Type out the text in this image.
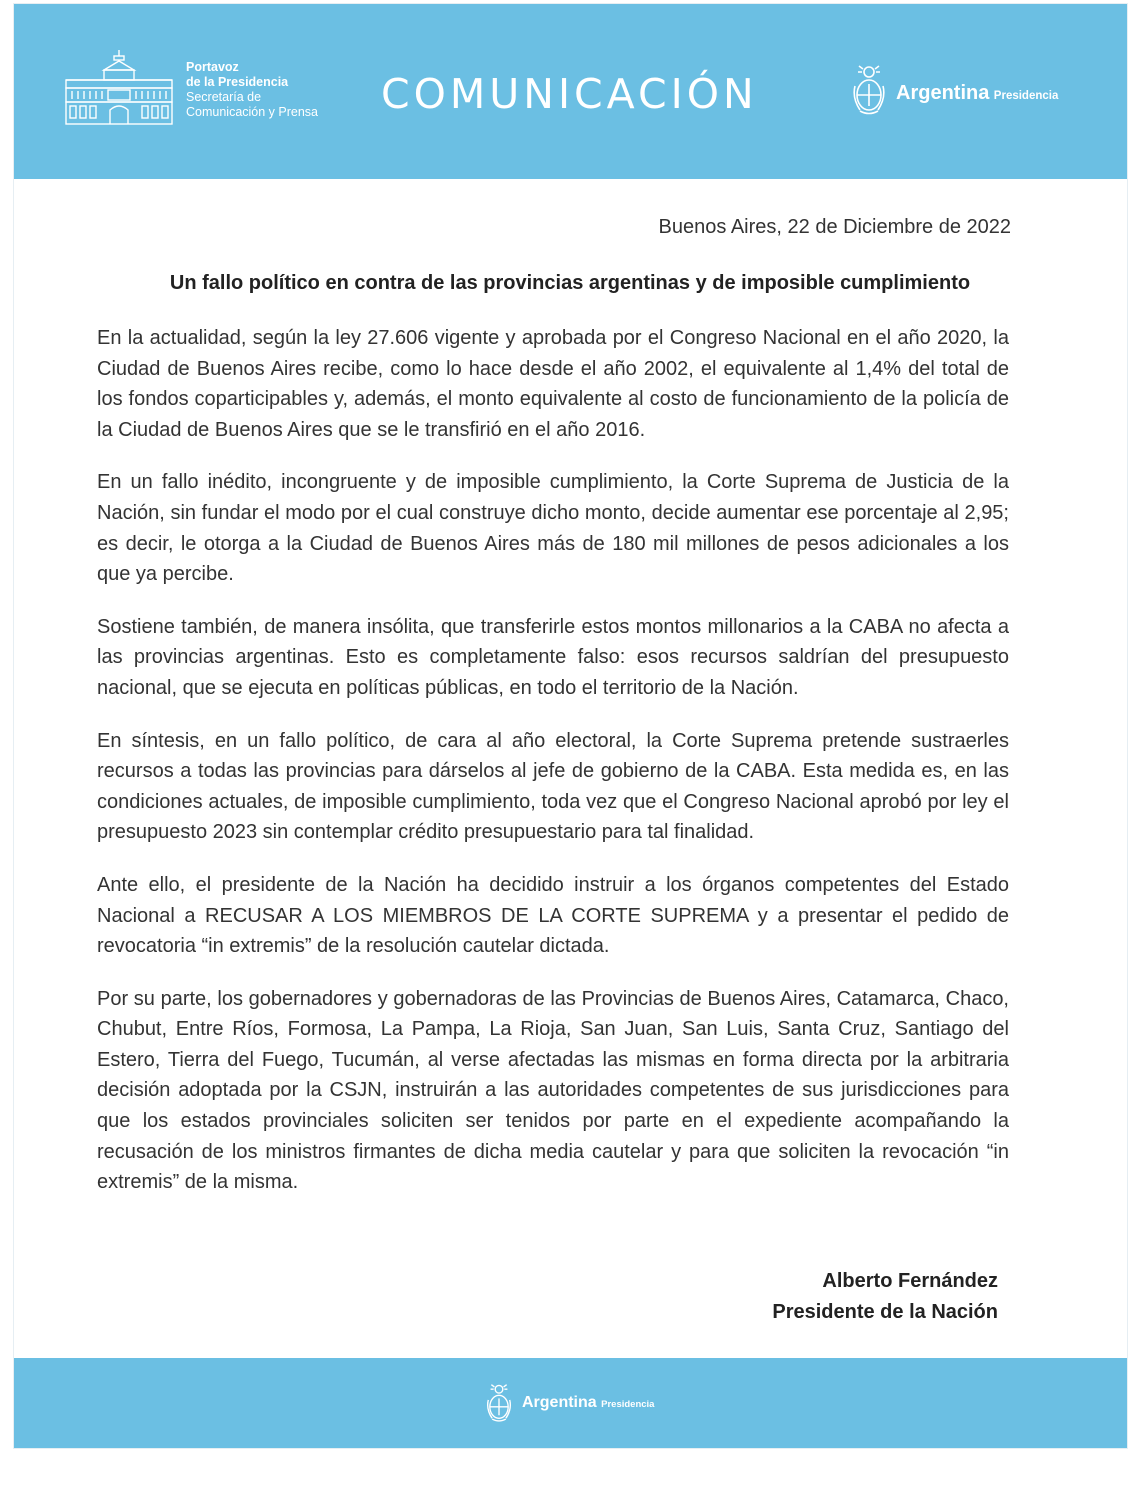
Portavoz
de la Presidencia
Secretaría de
Comunicación y Prensa COMUNICACIÓN	Argentina Presidencia
Buenos Aires, 22 de Diciembre de 2022
Un fallo político en contra de las provincias argentinas y de imposible cumplimiento

En la actualidad, según la ley 27.606 vigente y aprobada por el Congreso Nacional en el año 2020, la Ciudad de Buenos Aires recibe, como lo hace desde el año 2002, el equivalente al 1,4% del total de los fondos coparticipables y, además, el monto equivalente al costo de funcionamiento de la policía de la Ciudad de Buenos Aires que se le transfirió en el año 2016.

En un fallo inédito, incongruente y de imposible cumplimiento, la Corte Suprema de Justicia de la Nación, sin fundar el modo por el cual construye dicho monto, decide aumentar ese porcentaje al 2,95; es decir, le otorga a la Ciudad de Buenos Aires más de 180 mil millones de pesos adicionales a los que ya percibe.

Sostiene también, de manera insólita, que transferirle estos montos millonarios a la CABA no afecta a las provincias argentinas. Esto es completamente falso: esos recursos saldrían del presupuesto nacional, que se ejecuta en políticas públicas, en todo el territorio de la Nación.

En síntesis, en un fallo político, de cara al año electoral, la Corte Suprema pretende sustraerles recursos a todas las provincias para dárselos al jefe de gobierno de la CABA. Esta medida es, en las condiciones actuales, de imposible cumplimiento, toda vez que el Congreso Nacional aprobó por ley el presupuesto 2023 sin contemplar crédito presupuestario para tal finalidad.

Ante ello, el presidente de la Nación ha decidido instruir a los órganos competentes del Estado Nacional a RECUSAR A LOS MIEMBROS DE LA CORTE SUPREMA y a presentar el pedido de revocatoria “in extremis” de la resolución cautelar dictada.

Por su parte, los gobernadores y gobernadoras de las Provincias de Buenos Aires, Catamarca, Chaco, Chubut, Entre Ríos, Formosa, La Pampa, La Rioja, San Juan, San Luis, Santa Cruz, Santiago del Estero, Tierra del Fuego, Tucumán, al verse afectadas las mismas en forma directa por la arbitraria decisión adoptada por la CSJN, instruirán a las autoridades competentes de sus jurisdicciones para que los estados provinciales soliciten ser tenidos por parte en el expediente acompañando la recusación de los ministros firmantes de dicha media cautelar y para que soliciten la revocación “in extremis” de la misma.

Alberto Fernández
Presidente de la Nación
Argentina Presidencia
